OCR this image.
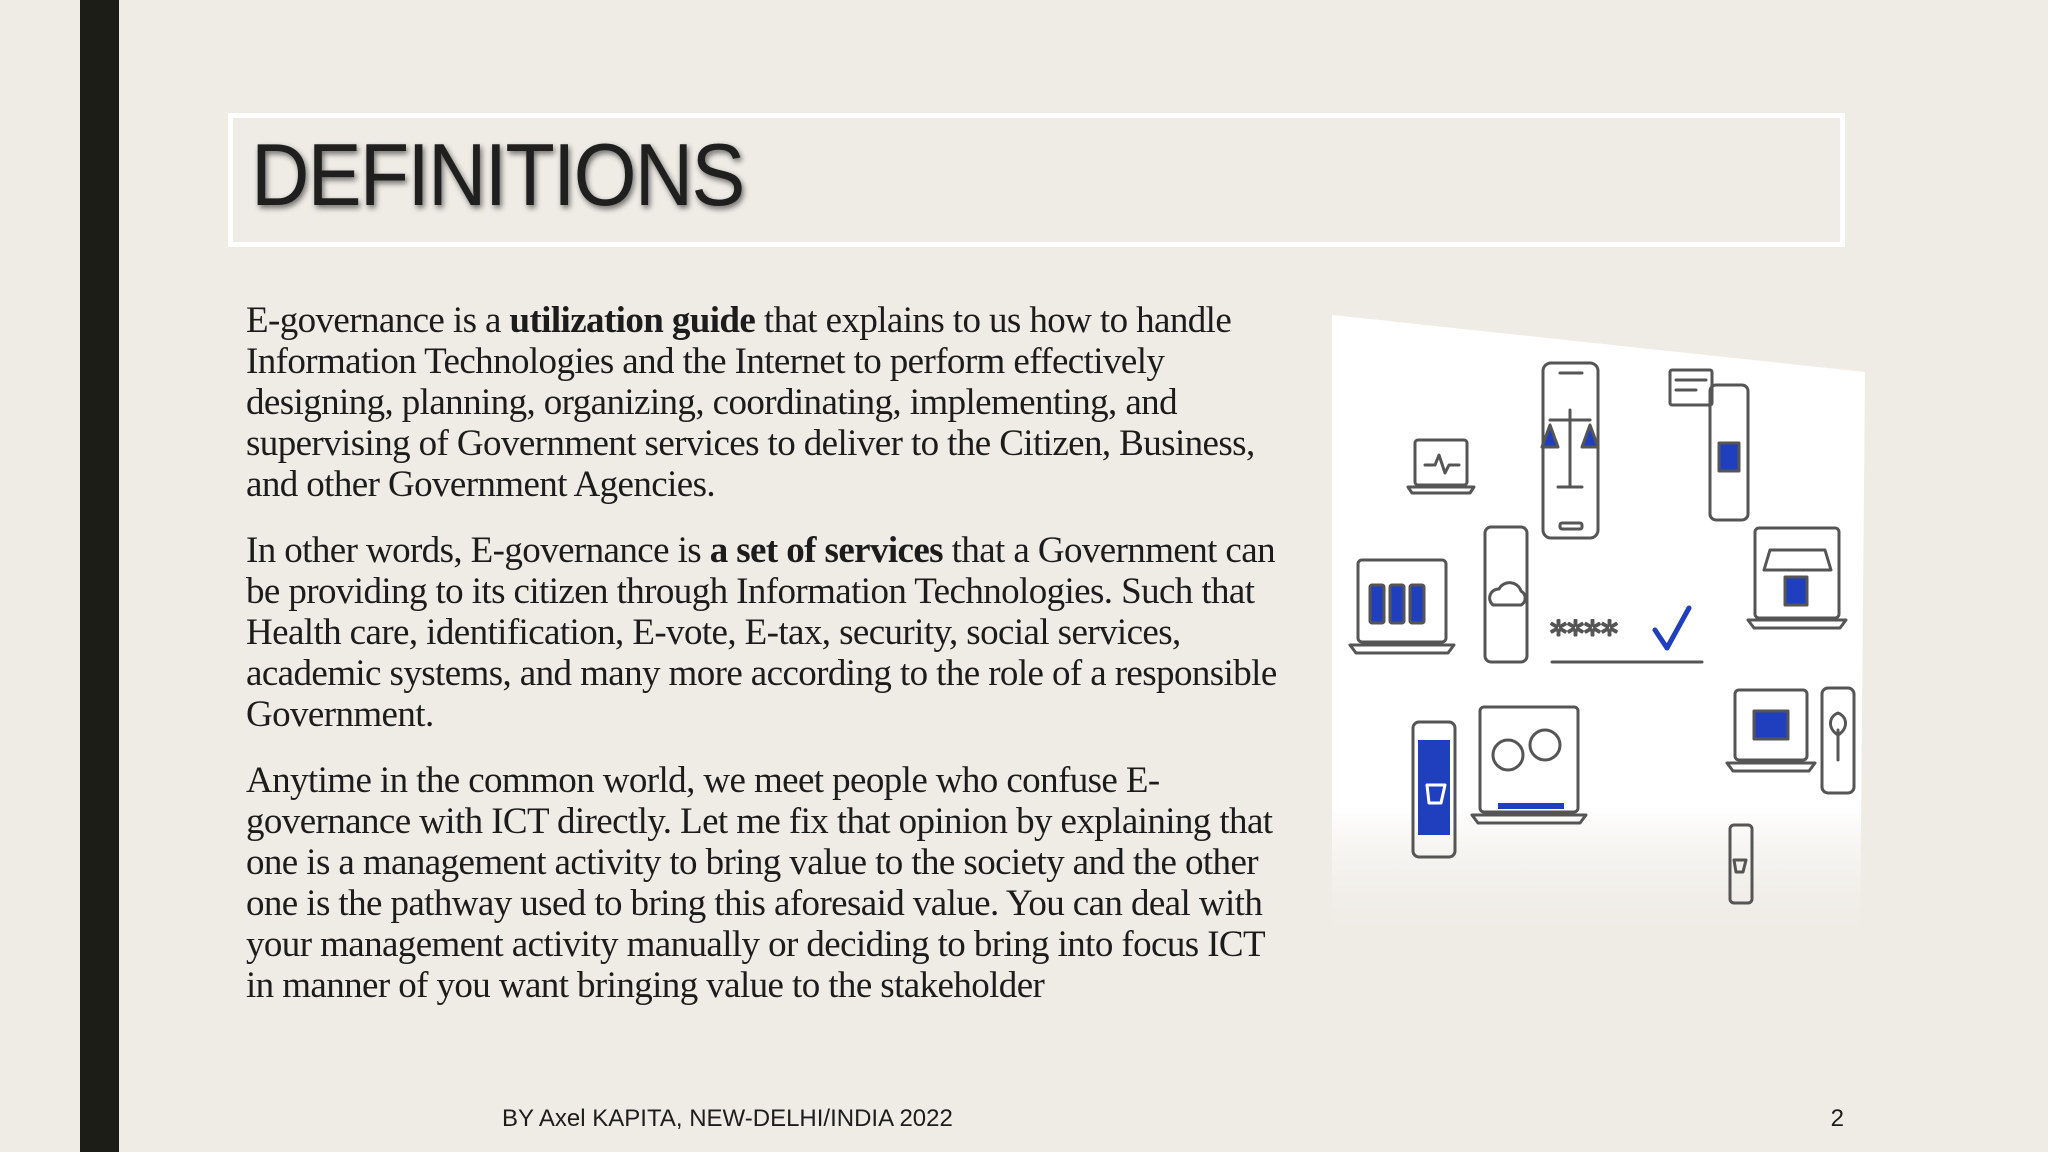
DEFINITIONS

E-governance is a utilization guide that explains to us how to handle Information Technologies and the Internet to perform effectively designing, planning, organizing, coordinating, implementing, and supervising of Government services to deliver to the Citizen, Business, and other Government Agencies.

In other words, E-governance is a set of services that a Government can be providing to its citizen through Information Technologies. Such that Health care, identification, E-vote, E-tax, security, social services, academic systems, and many more according to the role of a responsible Government.

Anytime in the common world, we meet people who confuse E-governance with ICT directly. Let me fix that opinion by explaining that one is a management activity to bring value to the society and the other one is the pathway used to bring this aforesaid value. You can deal with your management activity manually or deciding to bring into focus ICT in manner of you want bringing value to the stakeholder

****
BY Axel KAPITA, NEW-DELHI/INDIA 2022	2
